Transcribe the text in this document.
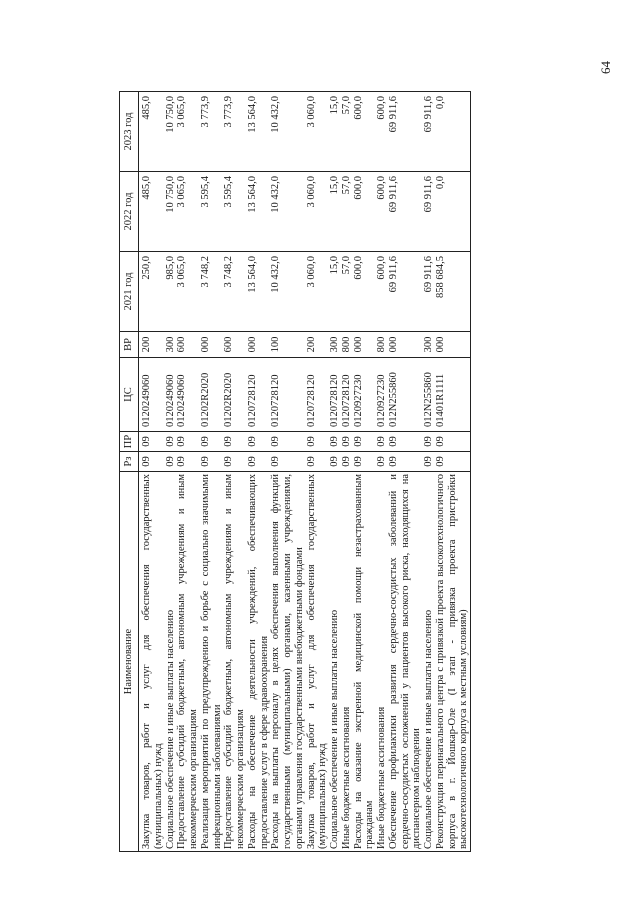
64
Наименование	Рз	ПР	ЦС	ВР	2021 год	2022 год	2023 год
Закупка товаров, работ и услуг для обеспечения государственных (муниципальных) нужд	09	09	0120249060	200	250,0	485,0	485,0
Социальное обеспечение и иные выплаты населению	09	09	0120249060	300	985,0	10 750,0	10 750,0
Предоставление субсидий бюджетным, автономным учреждениям и иным некоммерческим организациям	09	09	0120249060	600	3 065,0	3 065,0	3 065,0
Реализация мероприятий по предупреждению и борьбе с социально значимыми инфекционными заболеваниями	09	09	01202R2020	000	3 748,2	3 595,4	3 773,9
Предоставление субсидий бюджетным, автономным учреждениям и иным некоммерческим организациям	09	09	01202R2020	600	3 748,2	3 595,4	3 773,9
Расходы на обеспечение деятельности учреждений, обеспечивающих предоставление услуг в сфере здравоохранения	09	09	0120728120	000	13 564,0	13 564,0	13 564,0
Расходы на выплаты персоналу в целях обеспечения выполнения функций государственными (муниципальными) органами, казенными учреждениями, органами управления государственными внебюджетными фондами	09	09	0120728120	100	10 432,0	10 432,0	10 432,0
Закупка товаров, работ и услуг для обеспечения государственных (муниципальных) нужд	09	09	0120728120	200	3 060,0	3 060,0	3 060,0
Социальное обеспечение и иные выплаты населению	09	09	0120728120	300	15,0	15,0	15,0
Иные бюджетные ассигнования	09	09	0120728120	800	57,0	57,0	57,0
Расходы на оказание экстренной медицинской помощи незастрахованным гражданам	09	09	0120927230	000	600,0	600,0	600,0
Иные бюджетные ассигнования	09	09	0120927230	800	600,0	600,0	600,0
Обеспечение профилактики развития сердечно-сосудистых заболеваний и сердечно-сосудистых осложнений у пациентов высокого риска, находящихся на диспансерном наблюдении	09	09	012N255860	000	69 911,6	69 911,6	69 911,6
Социальное обеспечение и иные выплаты населению	09	09	012N255860	300	69 911,6	69 911,6	69 911,6
Реконструкция перинатального центра с привязкой проекта высокотехнологичного корпуса в г. Йошкар-Оле (I этап - привязка проекта пристройки высокотехнологичного корпуса к местным условиям)	09	09	01401R1111	000	858 684,5	0,0	0,0
